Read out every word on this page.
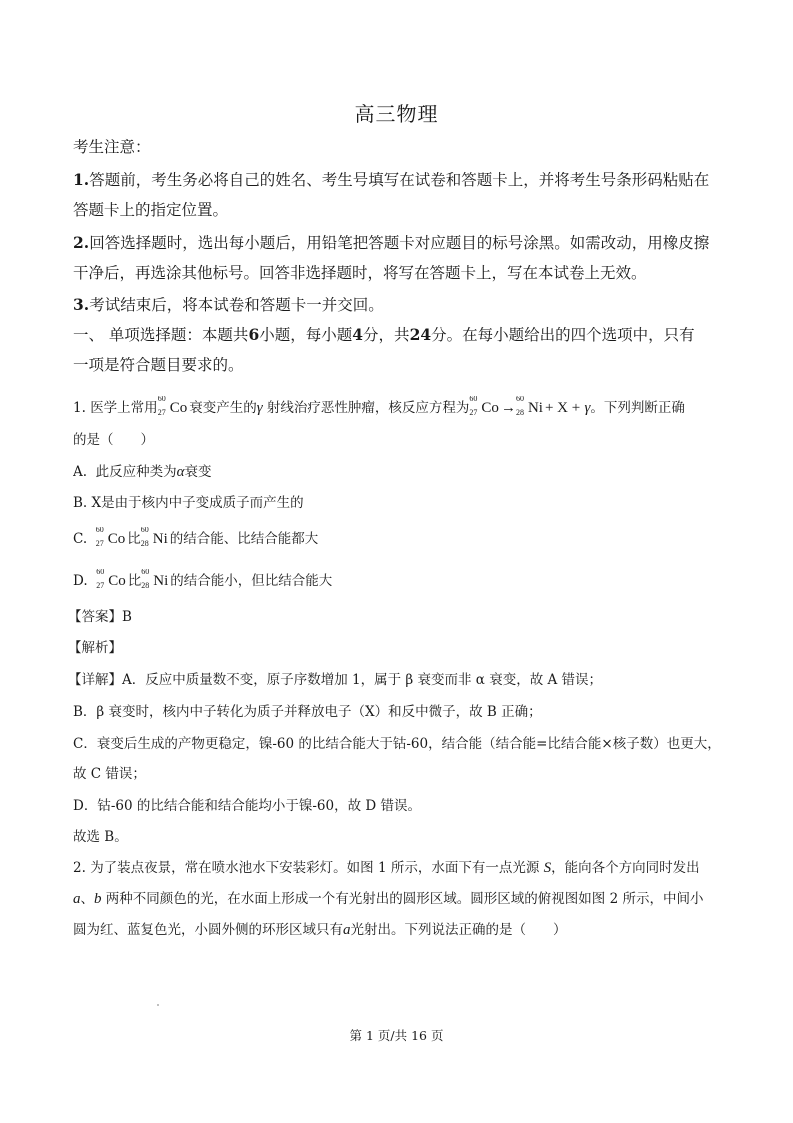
高三物理
考生注意：
1.答题前，考生务必将自己的姓名、考生号填写在试卷和答题卡上，并将考生号条形码粘贴在
答题卡上的指定位置。
2.回答选择题时，选出每小题后，用铅笔把答题卡对应题目的标号涂黑。如需改动，用橡皮擦
干净后，再选涂其他标号。回答非选择题时，将写在答题卡上，写在本试卷上无效。
3.考试结束后，将本试卷和答题卡一并交回。
一、 单项选择题：本题共6小题，每小题4分，共24分。在每小题给出的四个选项中，只有
一项是符合题目要求的。
1. 医学上常用
60
27 Co 衰变产生的γ 射线治疗恶性肿瘤，核反应方程为
60
27 Co →
60
28 Ni + X + γ。下列判断正确
的是（　　）
A. 此反应种类为α衰变
B. X是由于核内中子变成质子而产生的
C.
60
27 Co 比
60
28 Ni 的结合能、比结合能都大
D.
60
27 Co 比
60
28 Ni 的结合能小，但比结合能大
【答案】B
【解析】
【详解】A．反应中质量数不变，原子序数增加 1，属于 β 衰变而非 α 衰变，故 A 错误；
B．β 衰变时，核内中子转化为质子并释放电子（X）和反中微子，故 B 正确；
C．衰变后生成的产物更稳定，镍-60 的比结合能大于钴-60，结合能（结合能=比结合能×核子数）也更大，
故 C 错误；
D．钴-60 的比结合能和结合能均小于镍-60，故 D 错误。
故选 B。
2. 为了装点夜景，常在喷水池水下安装彩灯。如图 1 所示，水面下有一点光源 S，能向各个方向同时发出
a、b 两种不同颜色的光，在水面上形成一个有光射出的圆形区域。圆形区域的俯视图如图 2 所示，中间小
圆为红、蓝复色光，小圆外侧的环形区域只有a光射出。下列说法正确的是（　　）
第 1 页/共 16 页
